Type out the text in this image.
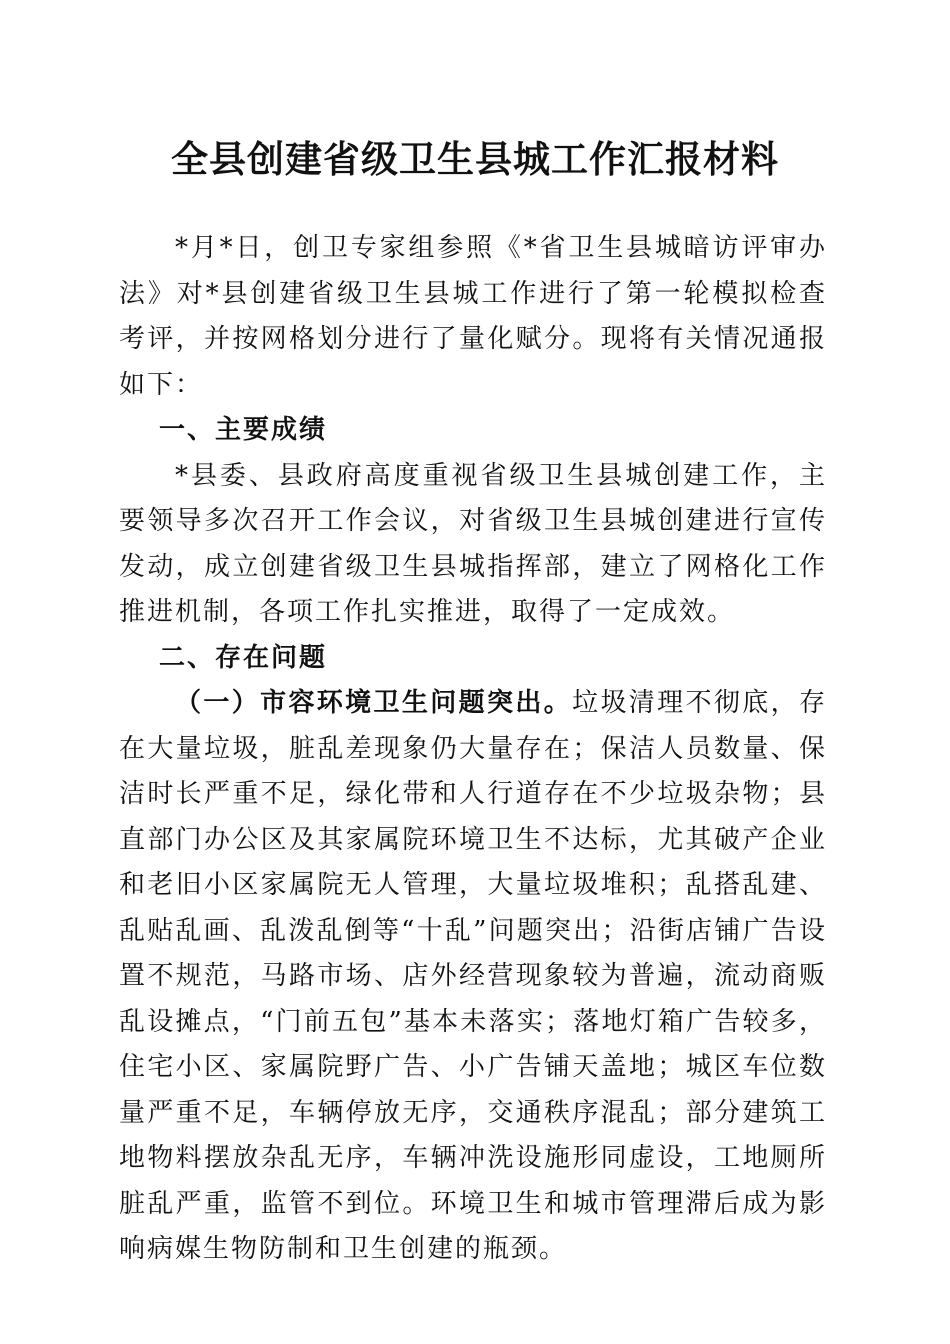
全县创建省级卫生县城工作汇报材料

*月*日，创卫专家组参照《*省卫生县城暗访评审办法》对*县创建省级卫生县城工作进行了第一轮模拟检查考评，并按网格划分进行了量化赋分。现将有关情况通报如下：

一、主要成绩

*县委、县政府高度重视省级卫生县城创建工作，主要领导多次召开工作会议，对省级卫生县城创建进行宣传发动，成立创建省级卫生县城指挥部，建立了网格化工作推进机制，各项工作扎实推进，取得了一定成效。

二、存在问题

（一）市容环境卫生问题突出。垃圾清理不彻底，存在大量垃圾，脏乱差现象仍大量存在；保洁人员数量、保洁时长严重不足，绿化带和人行道存在不少垃圾杂物；县直部门办公区及其家属院环境卫生不达标，尤其破产企业和老旧小区家属院无人管理，大量垃圾堆积；乱搭乱建、乱贴乱画、乱泼乱倒等“十乱”问题突出；沿街店铺广告设置不规范，马路市场、店外经营现象较为普遍，流动商贩乱设摊点，“门前五包”基本未落实；落地灯箱广告较多，住宅小区、家属院野广告、小广告铺天盖地；城区车位数量严重不足，车辆停放无序，交通秩序混乱；部分建筑工地物料摆放杂乱无序，车辆冲洗设施形同虚设，工地厕所脏乱严重，监管不到位。环境卫生和城市管理滞后成为影响病媒生物防制和卫生创建的瓶颈。
